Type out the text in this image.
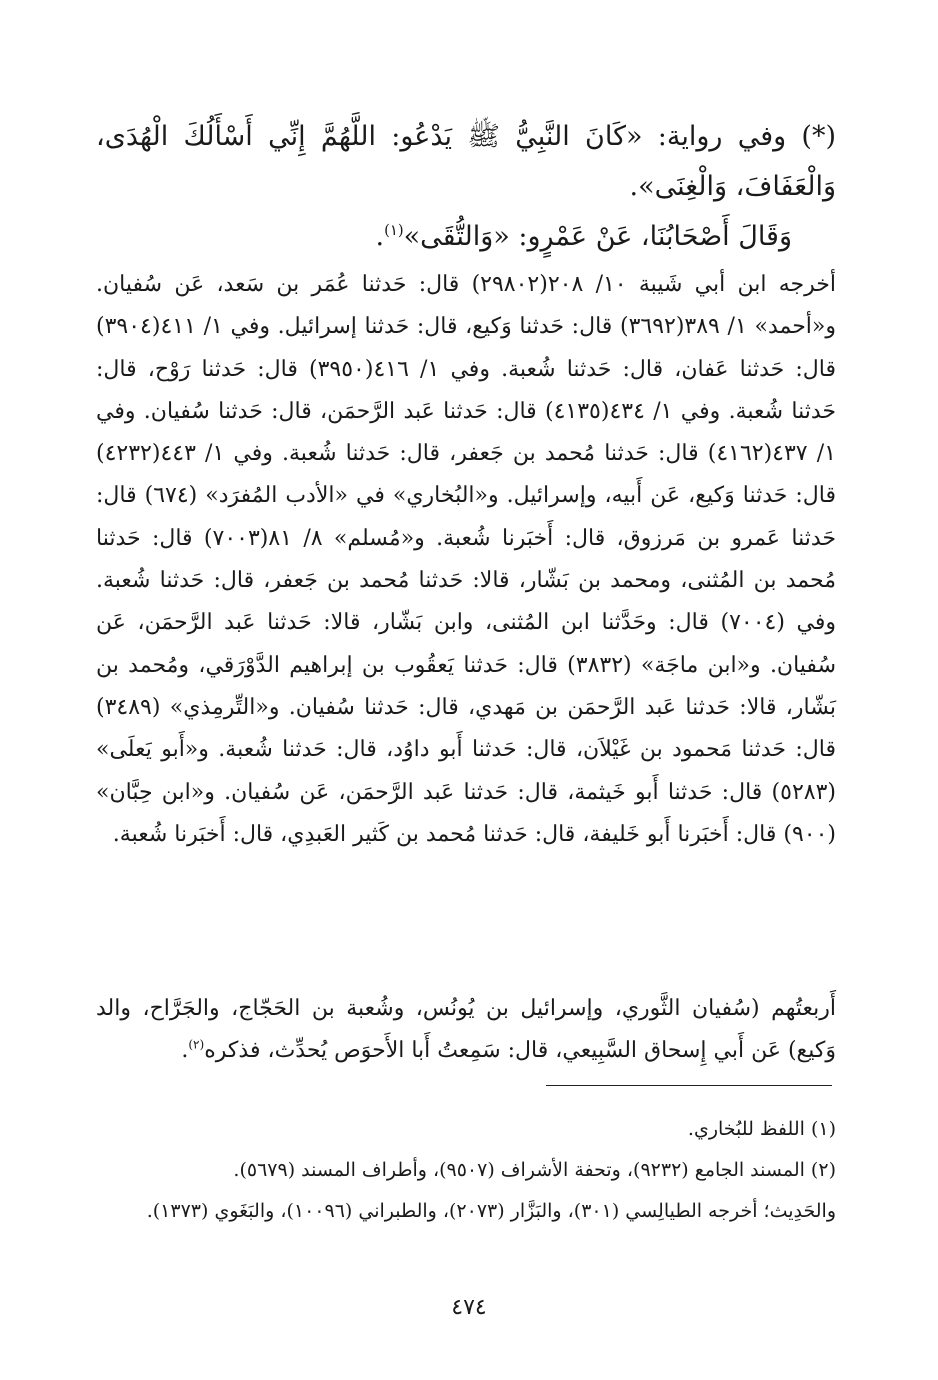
(*) وفي رواية: «كَانَ النَّبِيُّ ﷺ يَدْعُو: اللَّهُمَّ إِنِّي أَسْأَلُكَ الْهُدَى، وَالْعَفَافَ، وَالْغِنَى».

وَقَالَ أَصْحَابُنَا، عَنْ عَمْرٍو: «وَالتُّقَى»$^{(١)}$.

أخرجه ابن أبي شَيبة ١٠/ ٢٠٨(٢٩٨٠٢) قال: حَدثنا عُمَر بن سَعد، عَن سُفيان. و«أحمد» ١/ ٣٨٩(٣٦٩٢) قال: حَدثنا وَكيع، قال: حَدثنا إسرائيل. وفي ١/ ٤١١(٣٩٠٤) قال: حَدثنا عَفان، قال: حَدثنا شُعبة. وفي ١/ ٤١٦(٣٩٥٠) قال: حَدثنا رَوْح، قال: حَدثنا شُعبة. وفي ١/ ٤٣٤(٤١٣٥) قال: حَدثنا عَبد الرَّحمَن، قال: حَدثنا سُفيان. وفي ١/ ٤٣٧(٤١٦٢) قال: حَدثنا مُحمد بن جَعفر، قال: حَدثنا شُعبة. وفي ١/ ٤٤٣(٤٢٣٢) قال: حَدثنا وَكيع، عَن أَبيه، وإسرائيل. و«البُخاري» في «الأدب المُفرَد» (٦٧٤) قال: حَدثنا عَمرو بن مَرزوق، قال: أَخبَرنا شُعبة. و«مُسلم» ٨/ ٨١(٧٠٠٣) قال: حَدثنا مُحمد بن المُثنى، ومحمد بن بَشّار، قالا: حَدثنا مُحمد بن جَعفر، قال: حَدثنا شُعبة. وفي (٧٠٠٤) قال: وحَدَّثنا ابن المُثنى، وابن بَشّار، قالا: حَدثنا عَبد الرَّحمَن، عَن سُفيان. و«ابن ماجَة» (٣٨٣٢) قال: حَدثنا يَعقُوب بن إبراهيم الدَّوْرَقي، ومُحمد بن بَشّار، قالا: حَدثنا عَبد الرَّحمَن بن مَهدي، قال: حَدثنا سُفيان. و«التِّرمِذي» (٣٤٨٩) قال: حَدثنا مَحمود بن غَيْلاَن، قال: حَدثنا أَبو داوُد، قال: حَدثنا شُعبة. و«أَبو يَعلَى» (٥٢٨٣) قال: حَدثنا أَبو خَيثمة، قال: حَدثنا عَبد الرَّحمَن، عَن سُفيان. و«ابن حِبَّان» (٩٠٠) قال: أَخبَرنا أَبو خَليفة، قال: حَدثنا مُحمد بن كَثير العَبدِي، قال: أَخبَرنا شُعبة.

أَربعتُهم (سُفيان الثَّوري، وإسرائيل بن يُونُس، وشُعبة بن الحَجّاج، والجَرَّاح، والد وَكيع) عَن أَبي إِسحاق السَّبِيعي، قال: سَمِعتُ أَبا الأَحوَص يُحدِّث، فذكره$^{(٢)}$.

(١) اللفظ للبُخاري.

(٢) المسند الجامع (٩٢٣٢)، وتحفة الأشراف (٩٥٠٧)، وأطراف المسند (٥٦٧٩).

والحَدِيث؛ أخرجه الطيالِسي (٣٠١)، والبَزَّار (٢٠٧٣)، والطبراني (١٠٠٩٦)، والبَغَوي (١٣٧٣).

٤٧٤
